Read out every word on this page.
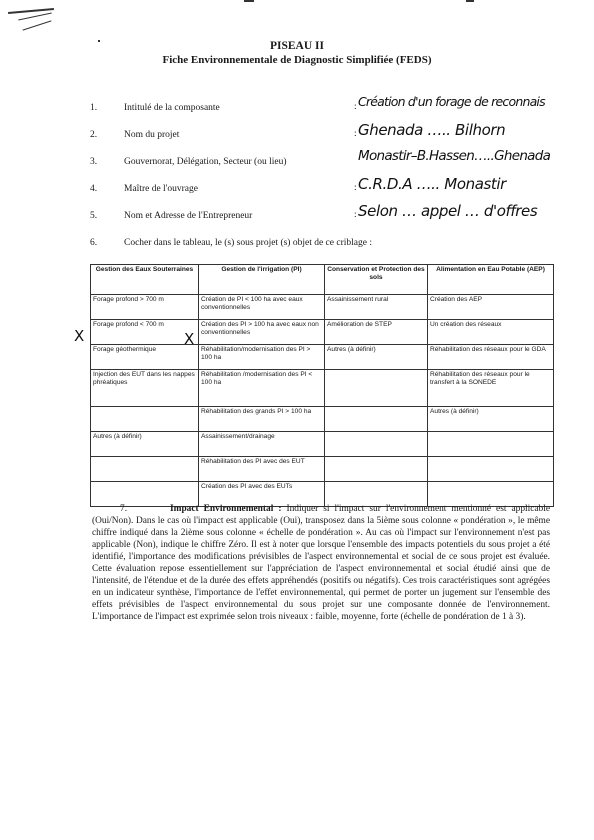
PISEAU II
Fiche Environnementale de Diagnostic Simplifiée (FEDS)
1.	Intitulé de la composante	: Création d'un forage de reconnais
2.	Nom du projet	: Ghenada ….. Bilhorn
3.	Gouvernorat, Délégation, Secteur (ou lieu)	Monastir–B.Hassen…..Ghenada
4.	Maître de l'ouvrage	: C.R.D.A ….. Monastir
5.	Nom et Adresse de l'Entrepreneur	: Selon … appel … d'offres
6.	Cocher dans le tableau, le (s) sous projet (s) objet de ce criblage :
Gestion des Eaux Souterraines	Gestion de l'irrigation (PI)	Conservation et Protection des sols	Alimentation en Eau Potable (AEP)
Forage profond > 700 m	Création de PI < 100 ha avec eaux conventionnelles	Assainissement rural	Création des AEP
Forage profond < 700 m	Création des PI > 100 ha avec eaux non conventionnelles	Amélioration de STEP	Un création des réseaux
Forage géothermique	Réhabilitation/modernisation des PI > 100 ha	Autres (à définir)	Réhabilitation des réseaux pour le GDA
Injection des EUT dans les nappes phréatiques	Réhabilitation /modernisation des PI < 100 ha		Réhabilitation des réseaux pour le transfert à la SONEDE
	Réhabilitation des grands PI > 100 ha		Autres (à définir)
Autres (à définir)	Assainissement/drainage		
	Réhabilitation des PI avec des EUT		
	Création des PI avec des EUTs		
X	X
7.	Impact Environnemental : Indiquer si l'impact sur l'environnement mentionné est applicable (Oui/Non). Dans le cas où l'impact est applicable (Oui), transposez dans la 5ième sous colonne « pondération », le même chiffre indiqué dans la 2ième sous colonne « échelle de pondération ». Au cas où l'impact sur l'environnement n'est pas applicable (Non), indique le chiffre Zéro. Il est à noter que lorsque l'ensemble des impacts potentiels du sous projet a été identifié, l'importance des modifications prévisibles de l'aspect environnemental et social de ce sous projet est évaluée. Cette évaluation repose essentiellement sur l'appréciation de l'aspect environnemental et social étudié ainsi que de l'intensité, de l'étendue et de la durée des effets appréhendés (positifs ou négatifs). Ces trois caractéristiques sont agrégées en un indicateur synthèse, l'importance de l'effet environnemental, qui permet de porter un jugement sur l'ensemble des effets prévisibles de l'aspect environnemental du sous projet sur une composante donnée de l'environnement. L'importance de l'impact est exprimée selon trois niveaux : faible, moyenne, forte (échelle de pondération de 1 à 3).
